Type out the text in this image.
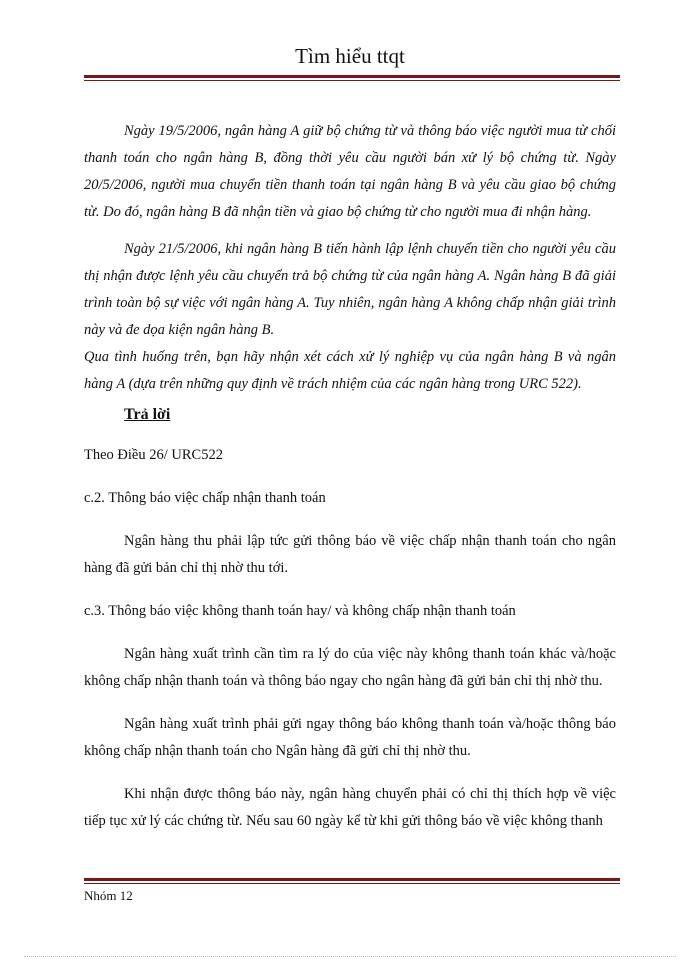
Tìm hiểu ttqt

Ngày 19/5/2006, ngân hàng A giữ bộ chứng từ và thông báo việc người mua từ chối thanh toán cho ngân hàng B, đồng thời yêu cầu người bán xử lý bộ chứng từ. Ngày 20/5/2006, người mua chuyển tiền thanh toán tại ngân hàng B và yêu cầu giao bộ chứng từ. Do đó, ngân hàng B đã nhận tiền và giao bộ chứng từ cho người mua đi nhận hàng.

Ngày 21/5/2006, khi ngân hàng B tiến hành lập lệnh chuyển tiền cho người yêu cầu thị nhận được lệnh yêu cầu chuyển trả bộ chứng từ của ngân hàng A. Ngân hàng B đã giải trình toàn bộ sự việc với ngân hàng A. Tuy nhiên, ngân hàng A không chấp nhận giải trình này và đe dọa kiện ngân hàng B.

Qua tình huống trên, bạn hãy nhận xét cách xử lý nghiệp vụ của ngân hàng B và ngân hàng A (dựa trên những quy định về trách nhiệm của các ngân hàng trong URC 522).

Trả lời

Theo Điều 26/ URC522

c.2. Thông báo việc chấp nhận thanh toán

Ngân hàng thu phải lập tức gửi thông báo về việc chấp nhận thanh toán cho ngân hàng đã gửi bản chỉ thị nhờ thu tới.

c.3. Thông báo việc không thanh toán hay/ và không chấp nhận thanh toán

Ngân hàng xuất trình cần tìm ra lý do của việc này không thanh toán khác và/hoặc không chấp nhận thanh toán và thông báo ngay cho ngân hàng đã gửi bản chỉ thị nhờ thu.

Ngân hàng xuất trình phải gửi ngay thông báo không thanh toán và/hoặc thông báo không chấp nhận thanh toán cho Ngân hàng đã gửi chỉ thị nhờ thu.

Khi nhận được thông báo này, ngân hàng chuyển phải có chỉ thị thích hợp về việc tiếp tục xử lý các chứng từ. Nếu sau 60 ngày kể từ khi gửi thông báo về việc không thanh

Nhóm 12
